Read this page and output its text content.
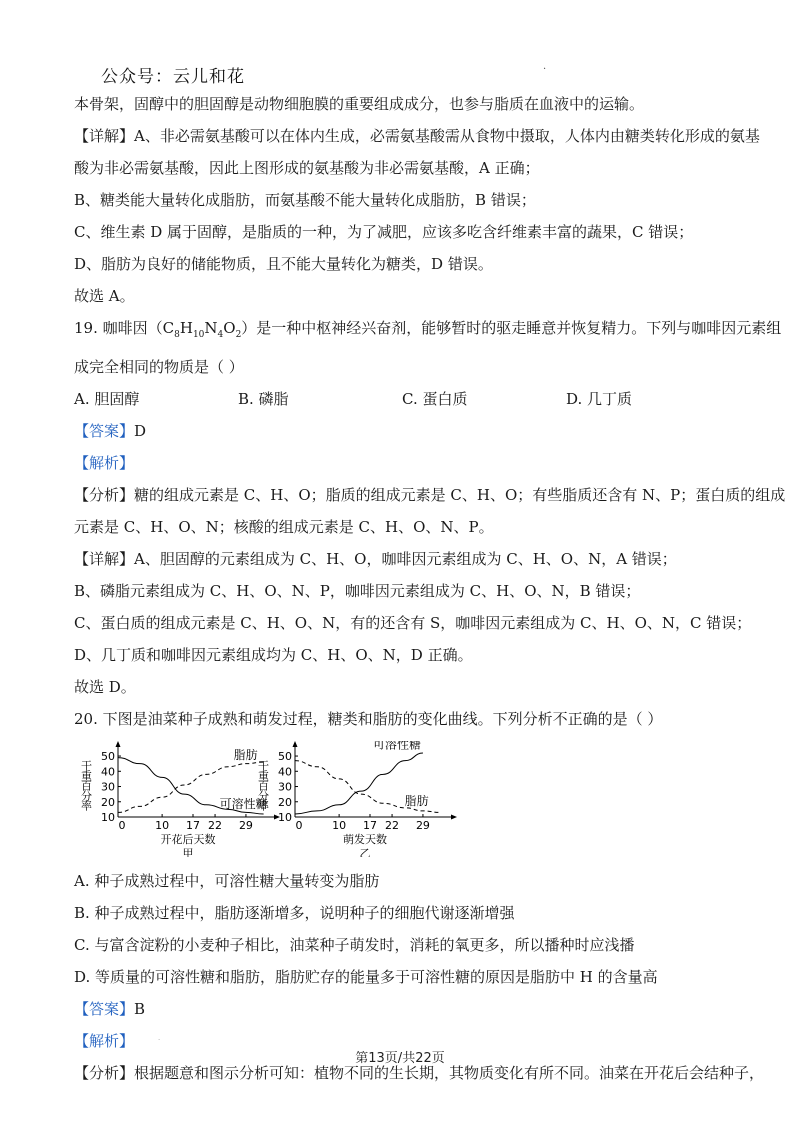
公众号：云儿和花	·
本骨架，固醇中的胆固醇是动物细胞膜的重要组成成分，也参与脂质在血液中的运输。
【详解】A、非必需氨基酸可以在体内生成，必需氨基酸需从食物中摄取，人体内由糖类转化形成的氨基
酸为非必需氨基酸，因此上图形成的氨基酸为非必需氨基酸，A 正确；
B、糖类能大量转化成脂肪，而氨基酸不能大量转化成脂肪，B 错误；
C、维生素 D 属于固醇，是脂质的一种，为了减肥，应该多吃含纤维素丰富的蔬果，C 错误；
D、脂肪为良好的储能物质，且不能大量转化为糖类，D 错误。
故选 A。
19. 咖啡因$(C_8H_{10}N_4O_2)$是一种中枢神经兴奋剂，能够暂时的驱走睡意并恢复精力。下列与咖啡因元素组
成完全相同的物质是（ ）
A. 胆固醇	B. 磷脂	C. 蛋白质	D. 几丁质
【答案】D
【解析】
【分析】糖的组成元素是 C、H、O；脂质的组成元素是 C、H、O；有些脂质还含有 N、P；蛋白质的组成
元素是 C、H、O、N；核酸的组成元素是 C、H、O、N、P。
【详解】A、胆固醇的元素组成为 C、H、O，咖啡因元素组成为 C、H、O、N，A 错误；
B、磷脂元素组成为 C、H、O、N、P，咖啡因元素组成为 C、H、O、N，B 错误；
C、蛋白质的组成元素是 C、H、O、N，有的还含有 S，咖啡因元素组成为 C、H、O、N，C 错误；
D、几丁质和咖啡因元素组成均为 C、H、O、N，D 正确。
故选 D。
20. 下图是油菜种子成熟和萌发过程，糖类和脂肪的变化曲线。下列分析不正确的是（ ）
10
20
30
40
50
0	10 17 22 29
干重百分率
开花后天数
甲
脂肪
可溶性糖
10
20
30
40
50
0	10 17 22 29
干重百分率
萌发天数
乙
可溶性糖
脂肪
A. 种子成熟过程中，可溶性糖大量转变为脂肪
B. 种子成熟过程中，脂肪逐渐增多，说明种子的细胞代谢逐渐增强
C. 与富含淀粉的小麦种子相比，油菜种子萌发时，消耗的氧更多，所以播种时应浅播
D. 等质量的可溶性糖和脂肪，脂肪贮存的能量多于可溶性糖的原因是脂肪中 H 的含量高
【答案】B
【解析】
【分析】根据题意和图示分析可知：植物不同的生长期，其物质变化有所不同。油菜在开花后会结种子，
·
第13页/共22页
